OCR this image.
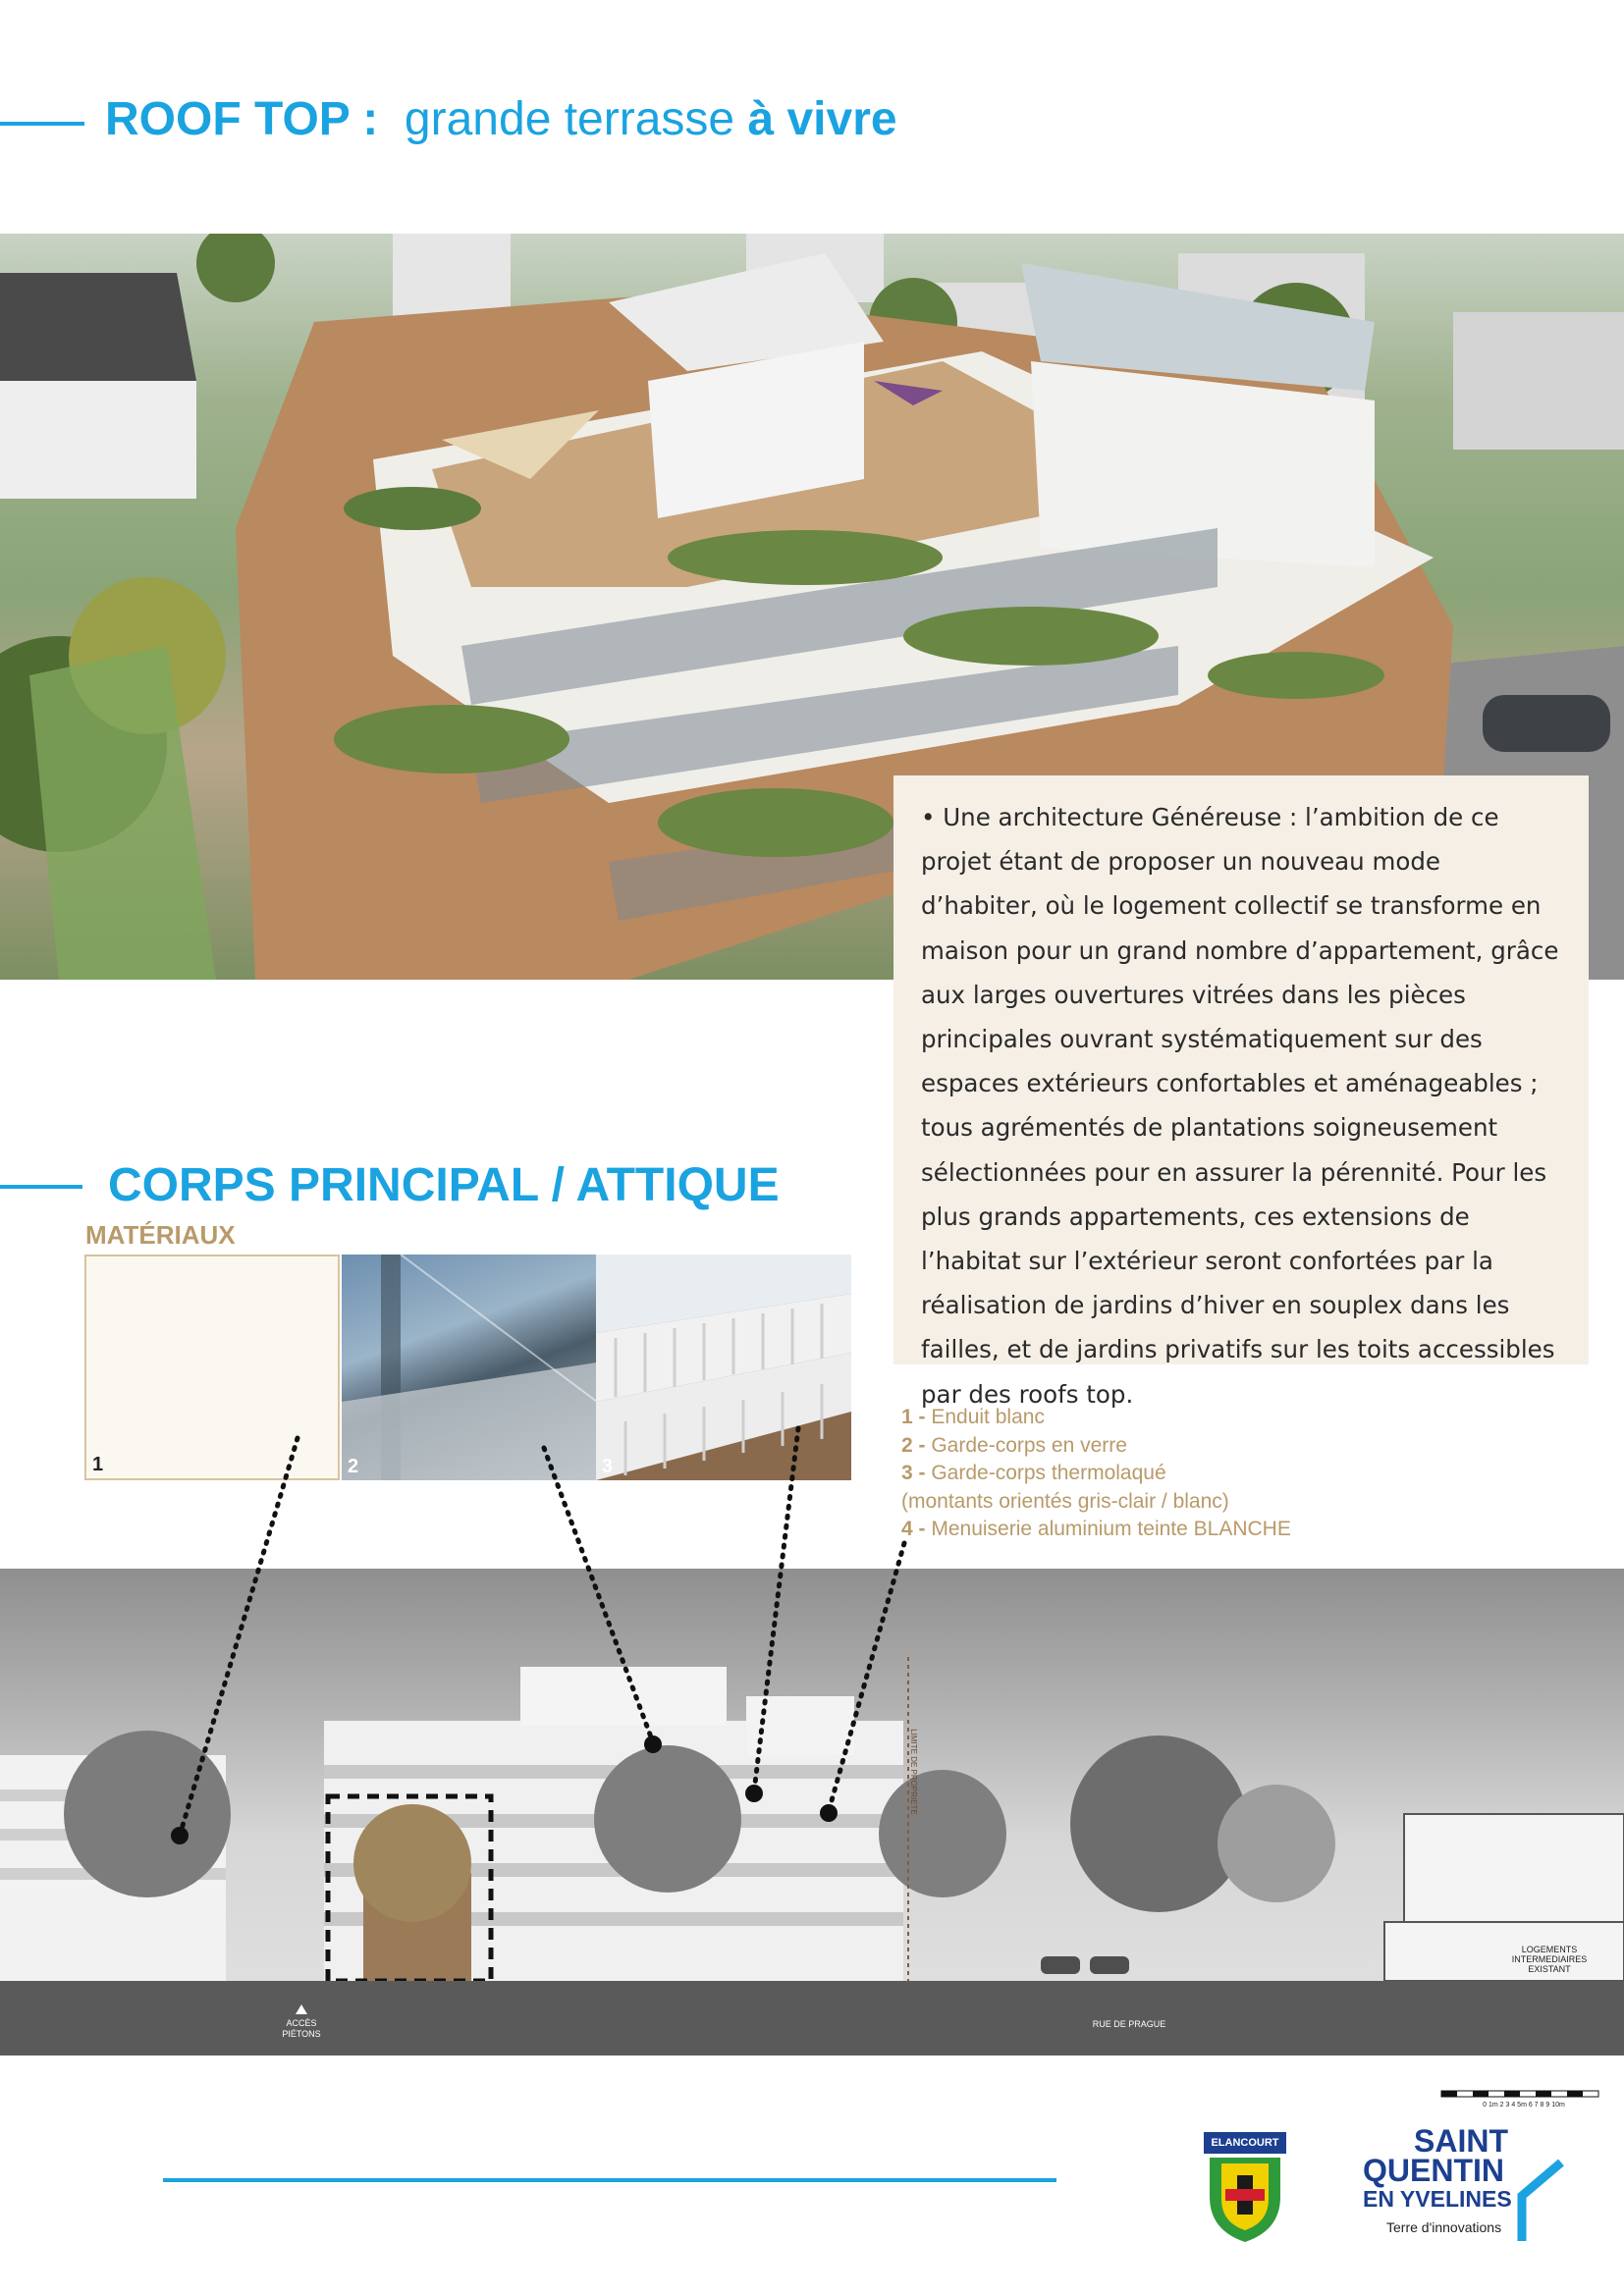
ROOF TOP : grande terrasse à vivre

• Une architecture Généreuse : l’ambition de ce projet étant de proposer un nouveau mode d’habiter, où le logement collectif se transforme en maison pour un grand nombre d’appartement, grâce aux larges ouvertures vitrées dans les pièces principales ouvrant systématiquement sur des espaces extérieurs confortables et aménageables ; tous agrémentés de plantations soigneusement sélectionnées pour en assurer la pérennité. Pour les plus grands appartements, ces extensions de l’habitat sur l’extérieur seront confortées par la réalisation de jardins d’hiver en souplex dans les failles, et de jardins privatifs sur les toits accessibles par des roofs top.

CORPS PRINCIPAL / ATTIQUE
MATÉRIAUX
1	2	3
1 - Enduit blanc
2 - Garde-corps en verre
3 - Garde-corps thermolaqué
(montants orientés gris-clair / blanc)
4 - Menuiserie aluminium teinte BLANCHE
ACCÈS
PIÉTONS
RUE DE PRAGUE
LOGEMENTS
INTERMEDIAIRES
EXISTANT
LIMITE DE PROPRIETE
0 1m 2 3 4 5m 6 7 8 9 10m
ELANCOURT	SAINT
QUENTIN
EN YVELINES
Terre d'innovations
